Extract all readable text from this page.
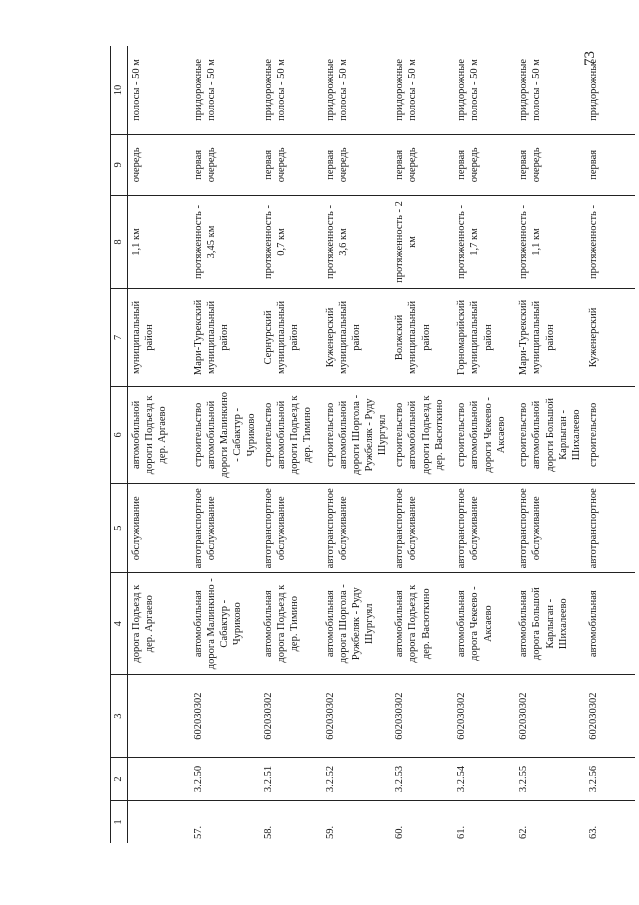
73
1	2	3	4	5	6	7	8	9	10
			дорога Подъезд к дер. Аргаево	обслуживание	автомобильной дороги Подъезд к дер. Аргаево	муниципальный район	1,1 км	очередь	полосы - 50 м
57.	3.2.50	602030302	автомобильная дорога Малинкино - Сабактур - Чуриково	автотранспортное обслуживание	строительство автомобильной дороги Малинкино - Сабактур - Чуриково	Мари-Турекский муниципальный район	протяженность - 3,45 км	первая очередь	придорожные полосы - 50 м
58.	3.2.51	602030302	автомобильная дорога Подъезд к дер. Тимино	автотранспортное обслуживание	строительство автомобильной дороги Подъезд к дер. Тимино	Сернурский муниципальный район	протяженность - 0,7 км	первая очередь	придорожные полосы - 50 м
59.	3.2.52	602030302	автомобильная дорога Шоргола - Ружбеляк - Руду Шургуял	автотранспортное обслуживание	строительство автомобильной дороги Шоргола - Ружбеляк - Руду Шургуял	Куженерский муниципальный район	протяженность - 3,6 км	первая очередь	придорожные полосы - 50 м
60.	3.2.53	602030302	автомобильная дорога Подъезд к дер. Васюткино	автотранспортное обслуживание	строительство автомобильной дороги Подъезд к дер. Васюткино	Волжский муниципальный район	протяженность - 2 км	первая очередь	придорожные полосы - 50 м
61.	3.2.54	602030302	автомобильная дорога Чекеево - Аксаево	автотранспортное обслуживание	строительство автомобильной дороги Чекеево - Аксаево	Горномарийский муниципальный район	протяженность - 1,7 км	первая очередь	придорожные полосы - 50 м
62.	3.2.55	602030302	автомобильная дорога Большой Карлыган - Шихалеево	автотранспортное обслуживание	строительство автомобильной дороги Большой Карлыган - Шихалеево	Мари-Турекский муниципальный район	протяженность - 1,1 км	первая очередь	придорожные полосы - 50 м
63.	3.2.56	602030302	автомобильная	автотранспортное	строительство	Куженерский	протяженность -	первая	придорожные
